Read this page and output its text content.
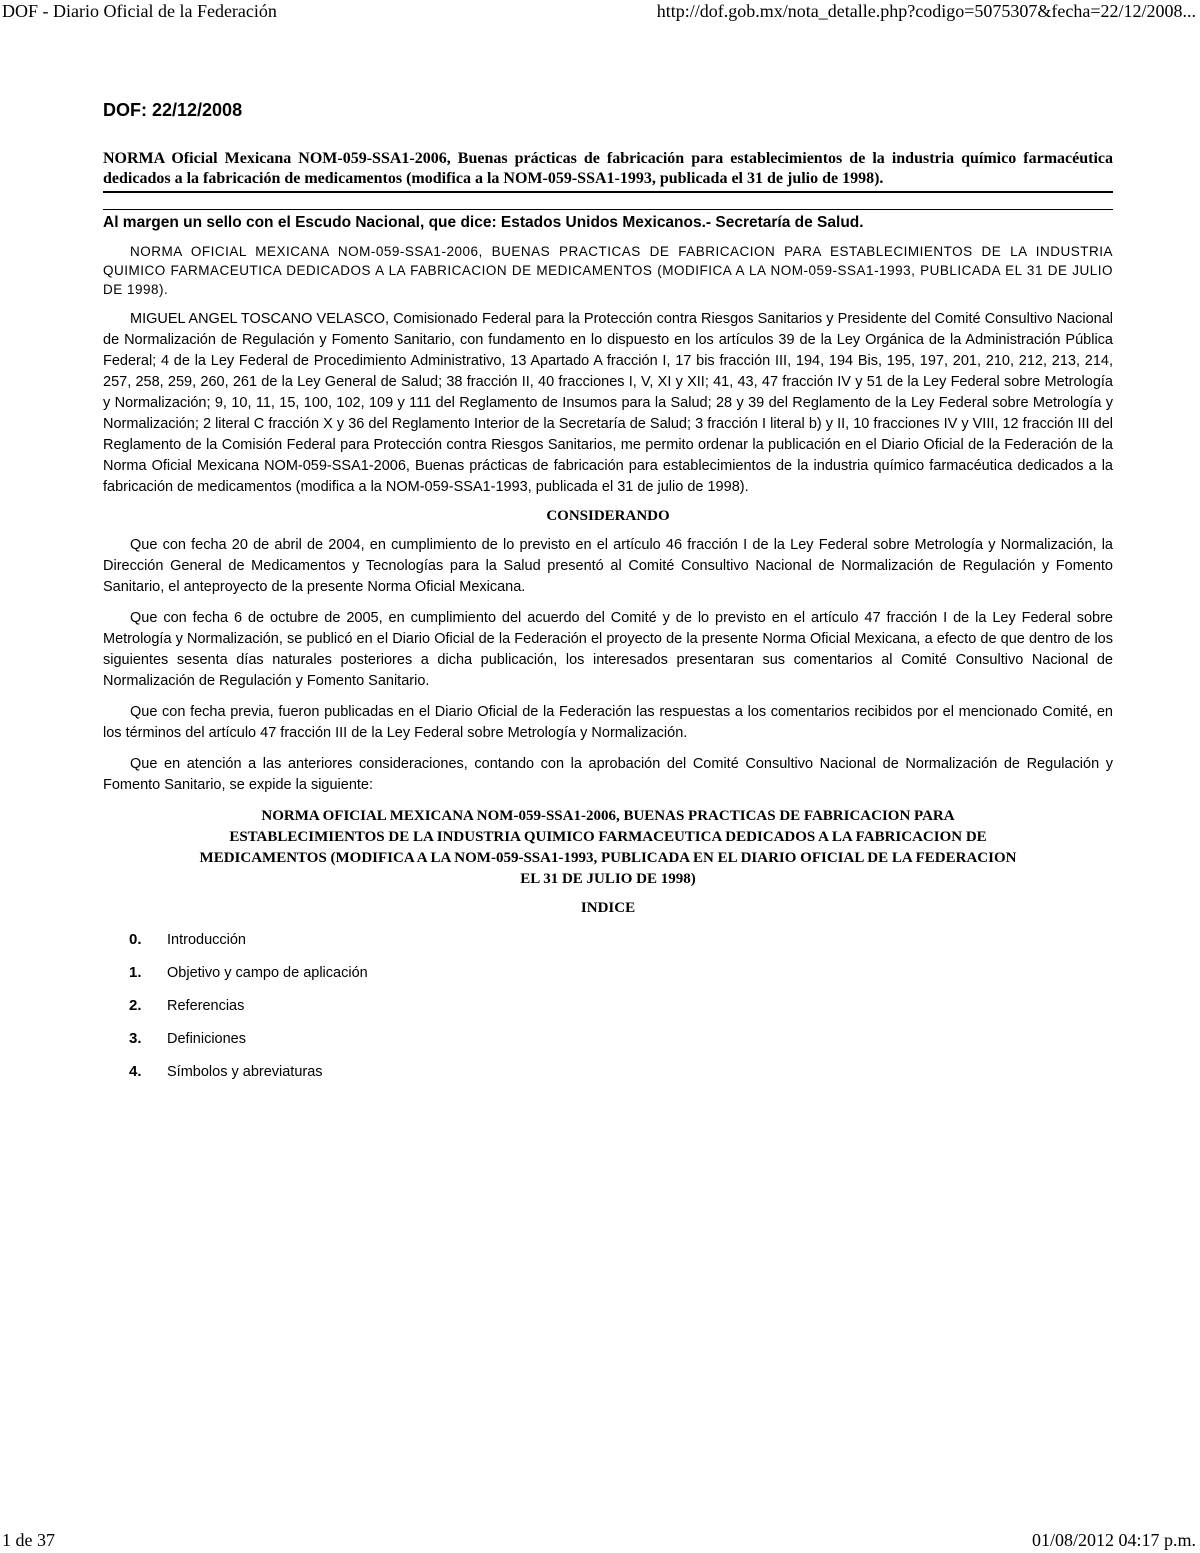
DOF - Diario Oficial de la Federación	http://dof.gob.mx/nota_detalle.php?codigo=5075307&fecha=22/12/2008...
DOF: 22/12/2008
NORMA Oficial Mexicana NOM-059-SSA1-2006, Buenas prácticas de fabricación para establecimientos de la industria químico farmacéutica dedicados a la fabricación de medicamentos (modifica a la NOM-059-SSA1-1993, publicada el 31 de julio de 1998).

Al margen un sello con el Escudo Nacional, que dice: Estados Unidos Mexicanos.- Secretaría de Salud.

NORMA OFICIAL MEXICANA NOM-059-SSA1-2006, BUENAS PRACTICAS DE FABRICACION PARA ESTABLECIMIENTOS DE LA INDUSTRIA QUIMICO FARMACEUTICA DEDICADOS A LA FABRICACION DE MEDICAMENTOS (MODIFICA A LA NOM-059-SSA1-1993, PUBLICADA EL 31 DE JULIO DE 1998).

MIGUEL ANGEL TOSCANO VELASCO, Comisionado Federal para la Protección contra Riesgos Sanitarios y Presidente del Comité Consultivo Nacional de Normalización de Regulación y Fomento Sanitario, con fundamento en lo dispuesto en los artículos 39 de la Ley Orgánica de la Administración Pública Federal; 4 de la Ley Federal de Procedimiento Administrativo, 13 Apartado A fracción I, 17 bis fracción III, 194, 194 Bis, 195, 197, 201, 210, 212, 213, 214, 257, 258, 259, 260, 261 de la Ley General de Salud; 38 fracción II, 40 fracciones I, V, XI y XII; 41, 43, 47 fracción IV y 51 de la Ley Federal sobre Metrología y Normalización; 9, 10, 11, 15, 100, 102, 109 y 111 del Reglamento de Insumos para la Salud; 28 y 39 del Reglamento de la Ley Federal sobre Metrología y Normalización; 2 literal C fracción X y 36 del Reglamento Interior de la Secretaría de Salud; 3 fracción I literal b) y II, 10 fracciones IV y VIII, 12 fracción III del Reglamento de la Comisión Federal para Protección contra Riesgos Sanitarios, me permito ordenar la publicación en el Diario Oficial de la Federación de la Norma Oficial Mexicana NOM-059-SSA1-2006, Buenas prácticas de fabricación para establecimientos de la industria químico farmacéutica dedicados a la fabricación de medicamentos (modifica a la NOM-059-SSA1-1993, publicada el 31 de julio de 1998).

CONSIDERANDO

Que con fecha 20 de abril de 2004, en cumplimiento de lo previsto en el artículo 46 fracción I de la Ley Federal sobre Metrología y Normalización, la Dirección General de Medicamentos y Tecnologías para la Salud presentó al Comité Consultivo Nacional de Normalización de Regulación y Fomento Sanitario, el anteproyecto de la presente Norma Oficial Mexicana.

Que con fecha 6 de octubre de 2005, en cumplimiento del acuerdo del Comité y de lo previsto en el artículo 47 fracción I de la Ley Federal sobre Metrología y Normalización, se publicó en el Diario Oficial de la Federación el proyecto de la presente Norma Oficial Mexicana, a efecto de que dentro de los siguientes sesenta días naturales posteriores a dicha publicación, los interesados presentaran sus comentarios al Comité Consultivo Nacional de Normalización de Regulación y Fomento Sanitario.

Que con fecha previa, fueron publicadas en el Diario Oficial de la Federación las respuestas a los comentarios recibidos por el mencionado Comité, en los términos del artículo 47 fracción III de la Ley Federal sobre Metrología y Normalización.

Que en atención a las anteriores consideraciones, contando con la aprobación del Comité Consultivo Nacional de Normalización de Regulación y Fomento Sanitario, se expide la siguiente:

NORMA OFICIAL MEXICANA NOM-059-SSA1-2006, BUENAS PRACTICAS DE FABRICACION PARA ESTABLECIMIENTOS DE LA INDUSTRIA QUIMICO FARMACEUTICA DEDICADOS A LA FABRICACION DE MEDICAMENTOS (MODIFICA A LA NOM-059-SSA1-1993, PUBLICADA EN EL DIARIO OFICIAL DE LA FEDERACION EL 31 DE JULIO DE 1998)
INDICE
0.	Introducción
1.	Objetivo y campo de aplicación
2.	Referencias
3.	Definiciones
4.	Símbolos y abreviaturas
1 de 37	01/08/2012 04:17 p.m.
